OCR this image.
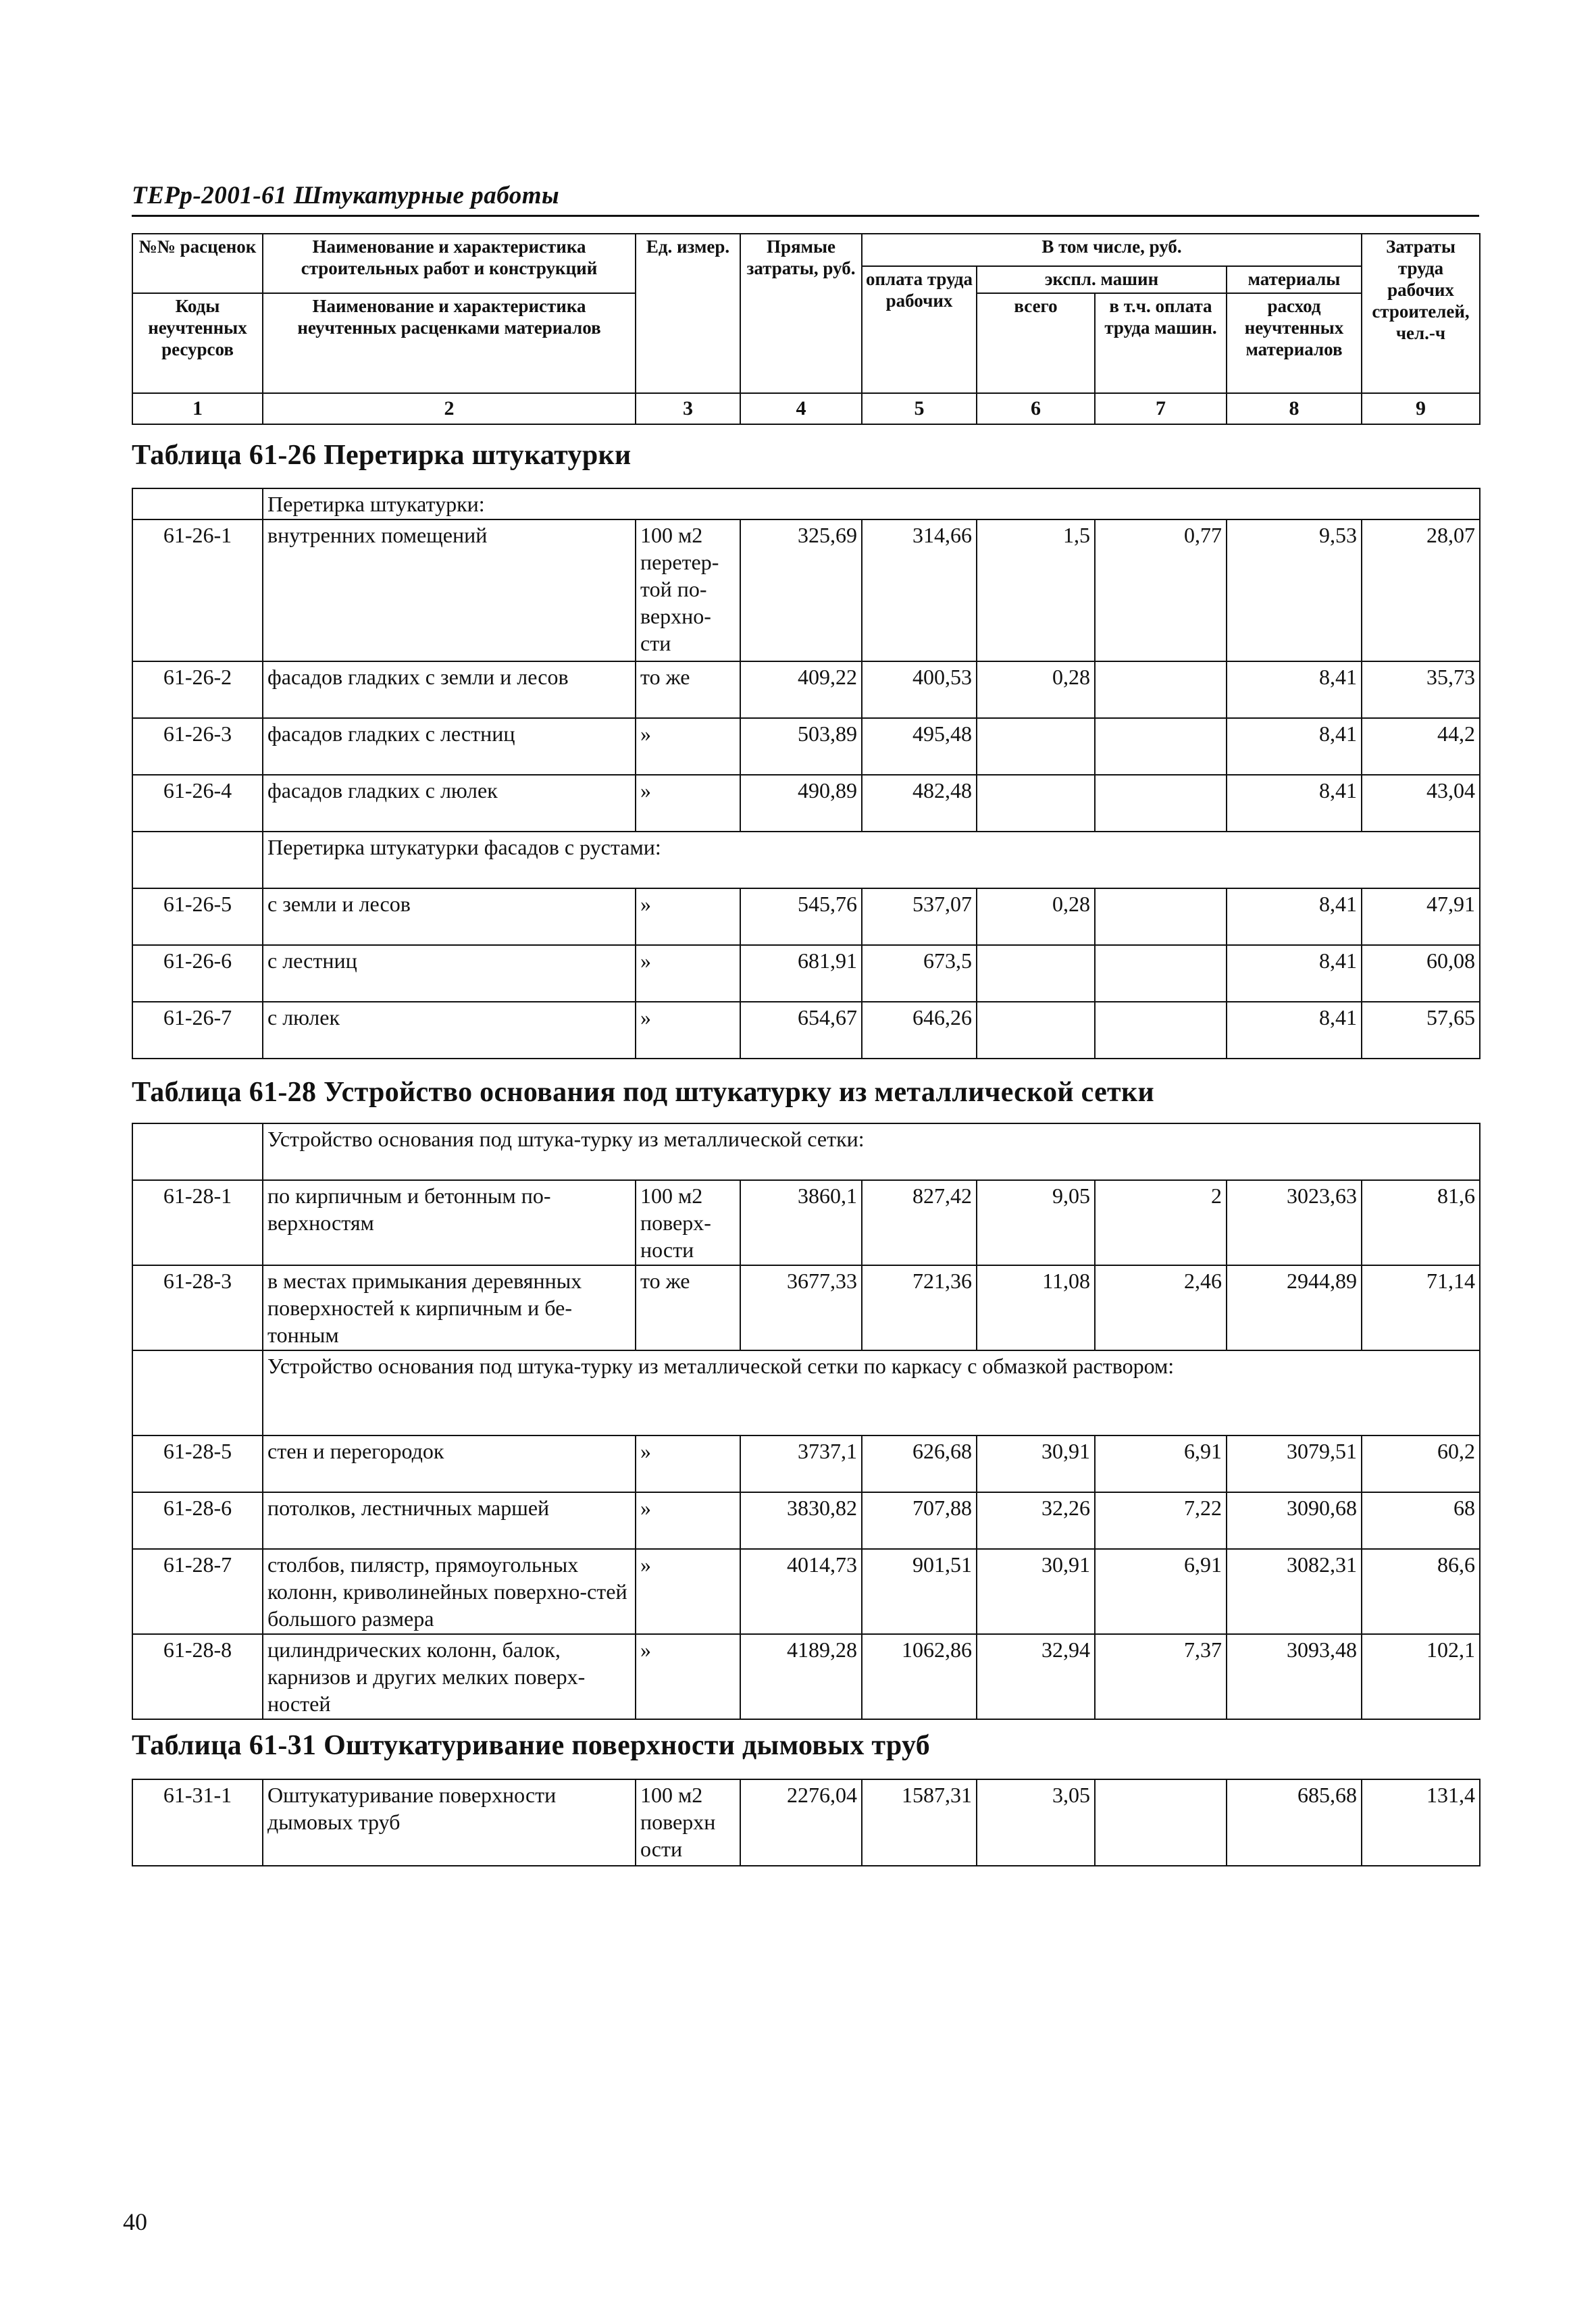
ТЕРр-2001-61 Штукатурные работы
№№ расценок	Наименование и характеристика строительных работ и конструкций	Ед. измер.	Прямые затраты, руб.	В том числе, руб.				Затраты труда рабочих строителей, чел.-ч
				оплата труда рабочих	экспл. машин		материалы	
Коды неучтенных ресурсов	Наименование и характеристика неучтенных расценками материалов				всего	в т.ч. оплата труда машин.	расход неучтенных материалов	
1	2	3	4	5	6	7	8	9
Таблица 61-26 Перетирка штукатурки
	Перетирка штукатурки:							
61-26-1	внутренних помещений	100 м2 перетер-той по-верхно-сти	325,69	314,66	1,5	0,77	9,53	28,07
61-26-2	фасадов гладких с земли и лесов	то же	409,22	400,53	0,28		8,41	35,73
61-26-3	фасадов гладких с лестниц	»	503,89	495,48			8,41	44,2
61-26-4	фасадов гладких с люлек	»	490,89	482,48			8,41	43,04
	Перетирка штукатурки фасадов с рустами:							
61-26-5	с земли и лесов	»	545,76	537,07	0,28		8,41	47,91
61-26-6	с лестниц	»	681,91	673,5			8,41	60,08
61-26-7	с люлек	»	654,67	646,26			8,41	57,65
Таблица 61-28 Устройство основания под штукатурку из металлической сетки
	Устройство основания под штука-турку из металлической сетки:							
61-28-1	по кирпичным и бетонным по-верхностям	100 м2 поверх-ности	3860,1	827,42	9,05	2	3023,63	81,6
61-28-3	в местах примыкания деревянных поверхностей к кирпичным и бе-тонным	то же	3677,33	721,36	11,08	2,46	2944,89	71,14
	Устройство основания под штука-турку из металлической сетки по каркасу с обмазкой раствором:							
61-28-5	стен и перегородок	»	3737,1	626,68	30,91	6,91	3079,51	60,2
61-28-6	потолков, лестничных маршей	»	3830,82	707,88	32,26	7,22	3090,68	68
61-28-7	столбов, пилястр, прямоугольных колонн, криволинейных поверхно-стей большого размера	»	4014,73	901,51	30,91	6,91	3082,31	86,6
61-28-8	цилиндрических колонн, балок, карнизов и других мелких поверх-ностей	»	4189,28	1062,86	32,94	7,37	3093,48	102,1
Таблица 61-31 Оштукатуривание поверхности дымовых труб
61-31-1	Оштукатуривание поверхности дымовых труб	100 м2 поверхн ости	2276,04	1587,31	3,05		685,68	131,4
40
